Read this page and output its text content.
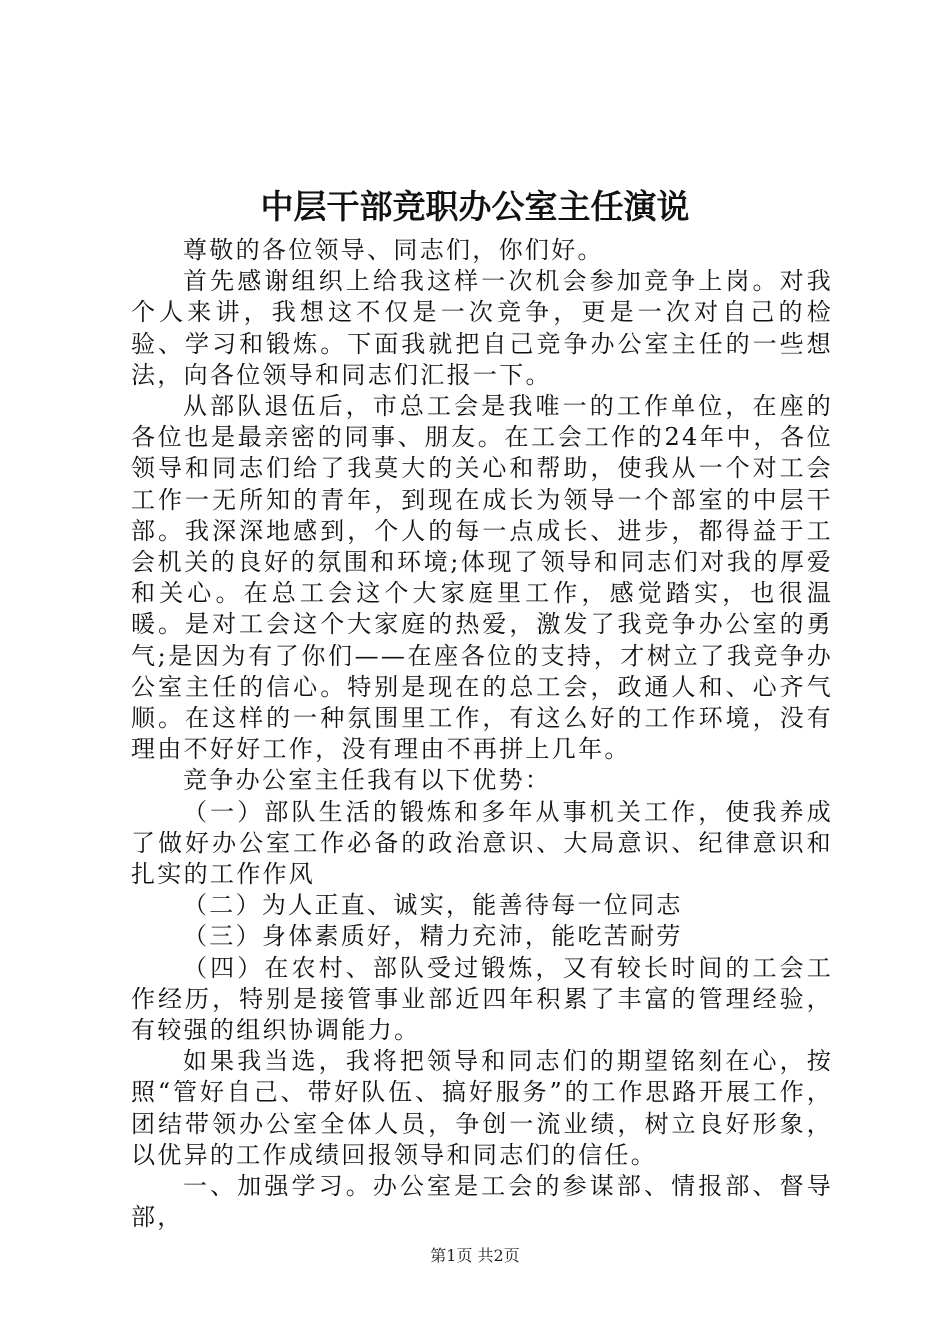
中层干部竞职办公室主任演说

尊敬的各位领导、同志们，你们好。

首先感谢组织上给我这样一次机会参加竞争上岗。对我个人来讲，我想这不仅是一次竞争，更是一次对自己的检验、学习和锻炼。下面我就把自己竞争办公室主任的一些想法，向各位领导和同志们汇报一下。

从部队退伍后，市总工会是我唯一的工作单位，在座的各位也是最亲密的同事、朋友。在工会工作的24年中，各位领导和同志们给了我莫大的关心和帮助，使我从一个对工会工作一无所知的青年，到现在成长为领导一个部室的中层干部。我深深地感到，个人的每一点成长、进步，都得益于工会机关的良好的氛围和环境;体现了领导和同志们对我的厚爱和关心。在总工会这个大家庭里工作，感觉踏实，也很温暖。是对工会这个大家庭的热爱，激发了我竞争办公室的勇气;是因为有了你们——在座各位的支持，才树立了我竞争办公室主任的信心。特别是现在的总工会，政通人和、心齐气顺。在这样的一种氛围里工作，有这么好的工作环境，没有理由不好好工作，没有理由不再拼上几年。

竞争办公室主任我有以下优势：

（一）部队生活的锻炼和多年从事机关工作，使我养成了做好办公室工作必备的政治意识、大局意识、纪律意识和扎实的工作作风

（二）为人正直、诚实，能善待每一位同志

（三）身体素质好，精力充沛，能吃苦耐劳

（四）在农村、部队受过锻炼，又有较长时间的工会工作经历，特别是接管事业部近四年积累了丰富的管理经验，有较强的组织协调能力。

如果我当选，我将把领导和同志们的期望铭刻在心，按照“管好自己、带好队伍、搞好服务”的工作思路开展工作，团结带领办公室全体人员，争创一流业绩，树立良好形象，以优异的工作成绩回报领导和同志们的信任。

一、加强学习。办公室是工会的参谋部、情报部、督导部，

第1页 共2页
